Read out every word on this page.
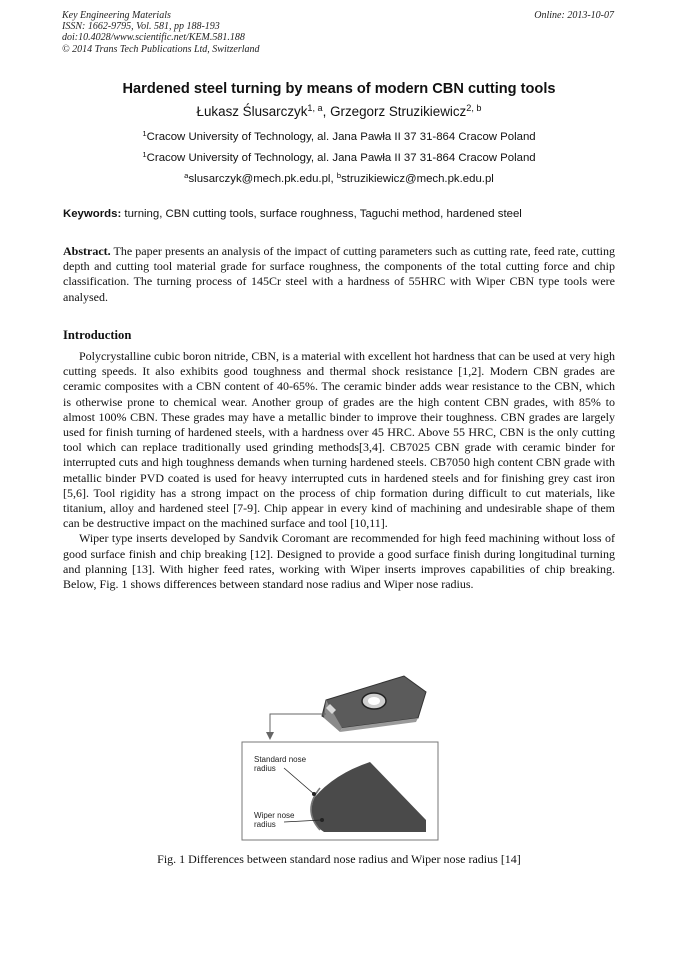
Key Engineering Materials
ISSN: 1662-9795, Vol. 581, pp 188-193
doi:10.4028/www.scientific.net/KEM.581.188
© 2014 Trans Tech Publications Ltd, Switzerland
Online: 2013-10-07
Hardened steel turning by means of modern CBN cutting tools
Łukasz Ślusarczyk$^{1, a}$, Grzegorz Struzikiewicz$^{2, b}$
$^1$Cracow University of Technology, al. Jana Pawła II 37 31-864 Cracow Poland
$^1$Cracow University of Technology, al. Jana Pawła II 37 31-864 Cracow Poland
$^a$slusarczyk@mech.pk.edu.pl, $^b$struzikiewicz@mech.pk.edu.pl
Keywords: turning, CBN cutting tools, surface roughness, Taguchi method, hardened steel
Abstract. The paper presents an analysis of the impact of cutting parameters such as cutting rate, feed rate, cutting depth and cutting tool material grade for surface roughness, the components of the total cutting force and chip classification. The turning process of 145Cr steel with a hardness of 55HRC with Wiper CBN type tools were analysed.
Introduction

Polycrystalline cubic boron nitride, CBN, is a material with excellent hot hardness that can be used at very high cutting speeds. It also exhibits good toughness and thermal shock resistance [1,2]. Modern CBN grades are ceramic composites with a CBN content of 40-65%. The ceramic binder adds wear resistance to the CBN, which is otherwise prone to chemical wear. Another group of grades are the high content CBN grades, with 85% to almost 100% CBN. These grades may have a metallic binder to improve their toughness. CBN grades are largely used for finish turning of hardened steels, with a hardness over 45 HRC. Above 55 HRC, CBN is the only cutting tool which can replace traditionally used grinding methods[3,4]. CB7025 CBN grade with ceramic binder for interrupted cuts and high toughness demands when turning hardened steels. CB7050 high content CBN grade with metallic binder PVD coated is used for heavy interrupted cuts in hardened steels and for finishing grey cast iron [5,6]. Tool rigidity has a strong impact on the process of chip formation during difficult to cut materials, like titanium, alloy and hardened steel [7-9]. Chip appear in every kind of machining and undesirable shape of them can be destructive impact on the machined surface and tool [10,11].

Wiper type inserts developed by Sandvik Coromant are recommended for high feed machining without loss of good surface finish and chip breaking [12]. Designed to provide a good surface finish during longitudinal turning and planning [13]. With higher feed rates, working with Wiper inserts improves capabilities of chip breaking. Below, Fig. 1 shows differences between standard nose radius and Wiper nose radius.

Standard nose
radius
Wiper nose
radius
Fig. 1 Differences between standard nose radius and Wiper nose radius [14]
